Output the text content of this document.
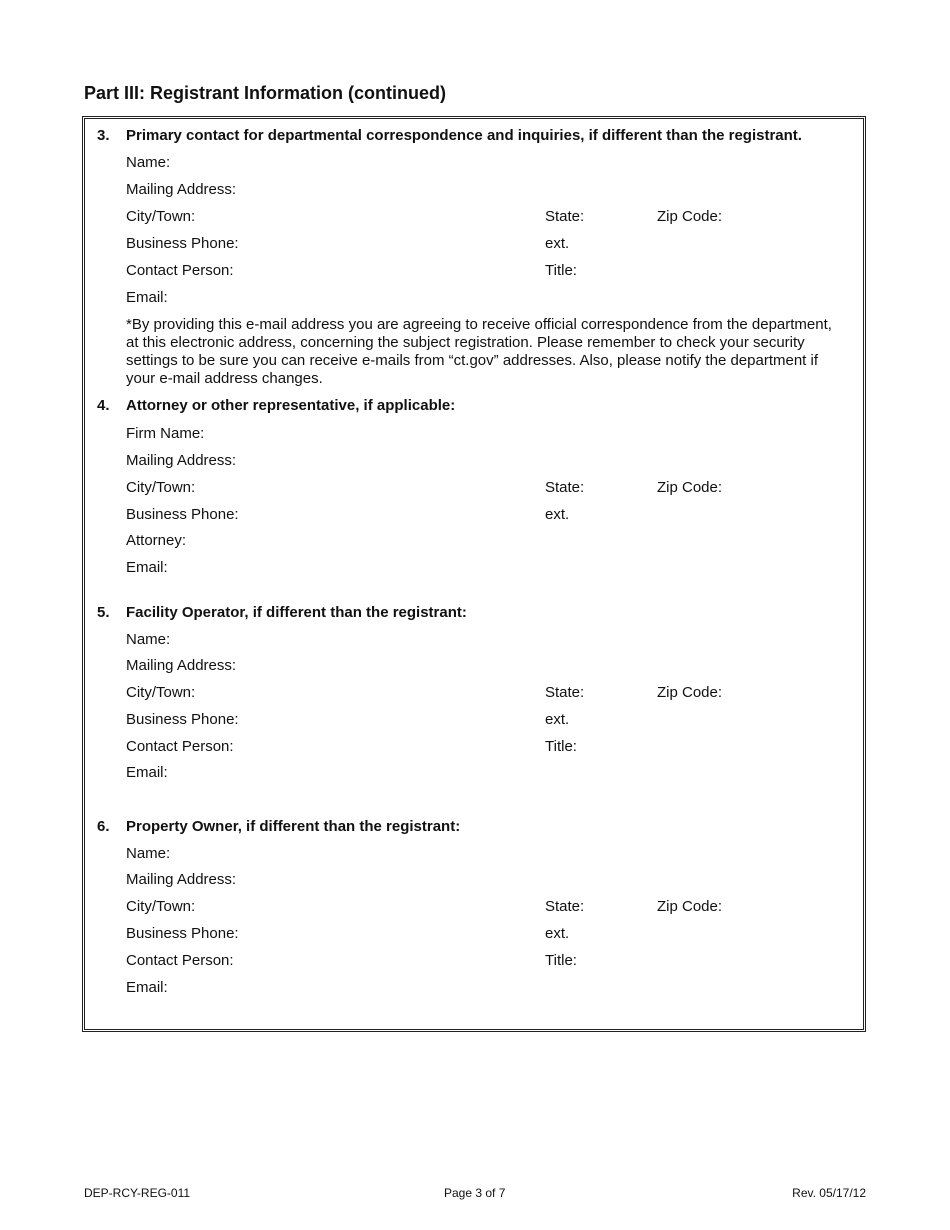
Part III: Registrant Information (continued)
3. Primary contact for departmental correspondence and inquiries, if different than the registrant.
Name:
Mailing Address:
City/Town:	State:	Zip Code:
Business Phone:	ext.
Contact Person:	Title:
Email:

*By providing this e-mail address you are agreeing to receive official correspondence from the department, at this electronic address, concerning the subject registration. Please remember to check your security settings to be sure you can receive e-mails from “ct.gov” addresses. Also, please notify the department if your e-mail address changes.

4. Attorney or other representative, if applicable:
Firm Name:
Mailing Address:
City/Town:	State:	Zip Code:
Business Phone:	ext.
Attorney:
Email:
5. Facility Operator, if different than the registrant:
Name:
Mailing Address:
City/Town:	State:	Zip Code:
Business Phone:	ext.
Contact Person:	Title:
Email:
6. Property Owner, if different than the registrant:
Name:
Mailing Address:
City/Town:	State:	Zip Code:
Business Phone:	ext.
Contact Person:	Title:
Email:
DEP-RCY-REG-011	Page 3 of 7	Rev. 05/17/12
